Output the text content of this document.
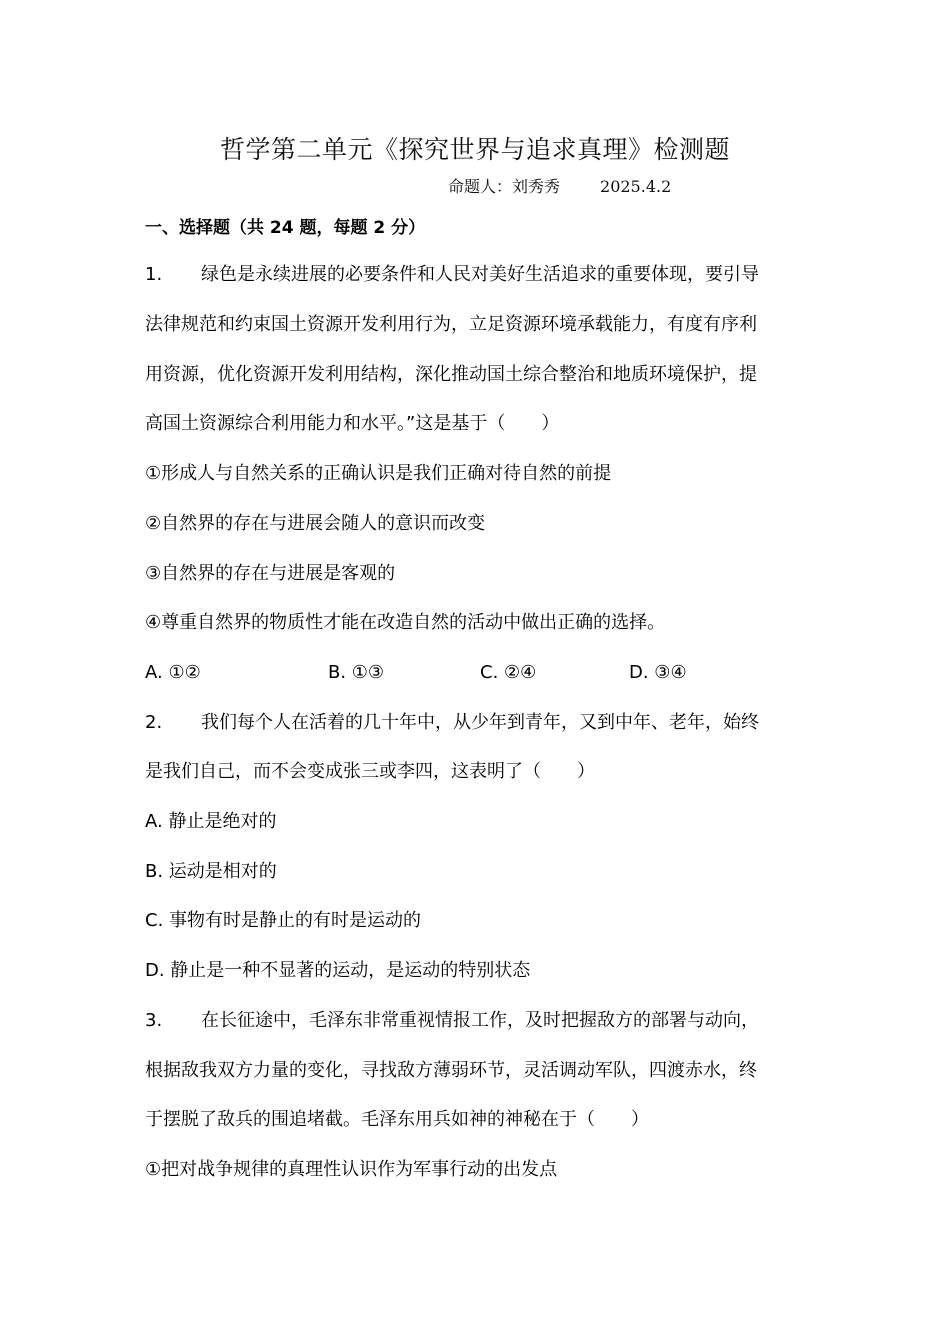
哲学第二单元《探究世界与追求真理》检测题
命题人：刘秀秀	2025.4.2
一、选择题（共 24 题，每题 2 分）
1. 绿色是永续进展的必要条件和人民对美好生活追求的重要体现，要引导
法律规范和约束国土资源开发利用行为，立足资源环境承载能力，有度有序利
用资源，优化资源开发利用结构，深化推动国土综合整治和地质环境保护，提
高国土资源综合利用能力和水平。”这是基于（　　）
①形成人与自然关系的正确认识是我们正确对待自然的前提
②自然界的存在与进展会随人的意识而改变
③自然界的存在与进展是客观的
④尊重自然界的物质性才能在改造自然的活动中做出正确的选择。
A. ①②	B. ①③	C. ②④	D. ③④
2. 我们每个人在活着的几十年中，从少年到青年，又到中年、老年，始终
是我们自己，而不会变成张三或李四，这表明了（　　）
A. 静止是绝对的
B. 运动是相对的
C. 事物有时是静止的有时是运动的
D. 静止是一种不显著的运动，是运动的特别状态
3. 在长征途中，毛泽东非常重视情报工作，及时把握敌方的部署与动向，
根据敌我双方力量的变化，寻找敌方薄弱环节，灵活调动军队，四渡赤水，终
于摆脱了敌兵的围追堵截。毛泽东用兵如神的神秘在于（　　）
①把对战争规律的真理性认识作为军事行动的出发点
